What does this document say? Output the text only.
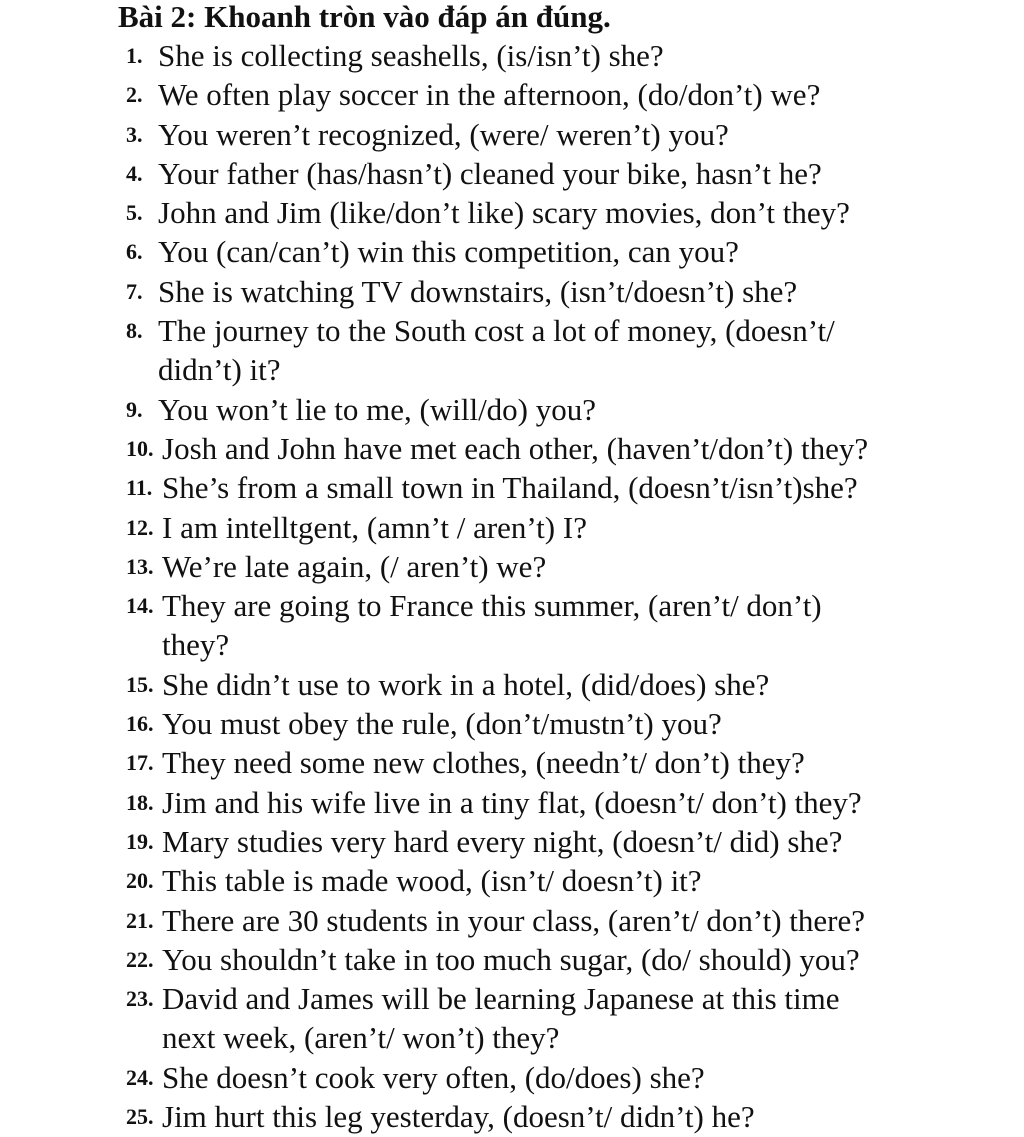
Bài 2: Khoanh tròn vào đáp án đúng.
1. She is collecting seashells, (is/isn’t) she?
2. We often play soccer in the afternoon, (do/don’t) we?
3. You weren’t recognized, (were/ weren’t) you?
4. Your father (has/hasn’t) cleaned your bike, hasn’t he?
5. John and Jim (like/don’t like) scary movies, don’t they?
6. You (can/can’t) win this competition, can you?
7. She is watching TV downstairs, (isn’t/doesn’t) she?
8. The journey to the South cost a lot of money, (doesn’t/
didn’t) it?
9. You won’t lie to me, (will/do) you?
10. Josh and John have met each other, (haven’t/don’t) they?
11. She’s from a small town in Thailand, (doesn’t/isn’t)she?
12. I am intelltgent, (amn’t / aren’t) I?
13. We’re late again, (/ aren’t) we?
14. They are going to France this summer, (aren’t/ don’t)
they?
15. She didn’t use to work in a hotel, (did/does) she?
16. You must obey the rule, (don’t/mustn’t) you?
17. They need some new clothes, (needn’t/ don’t) they?
18. Jim and his wife live in a tiny flat, (doesn’t/ don’t) they?
19. Mary studies very hard every night, (doesn’t/ did) she?
20. This table is made wood, (isn’t/ doesn’t) it?
21. There are 30 students in your class, (aren’t/ don’t) there?
22. You shouldn’t take in too much sugar, (do/ should) you?
23. David and James will be learning Japanese at this time
next week, (aren’t/ won’t) they?
24. She doesn’t cook very often, (do/does) she?
25. Jim hurt this leg yesterday, (doesn’t/ didn’t) he?
